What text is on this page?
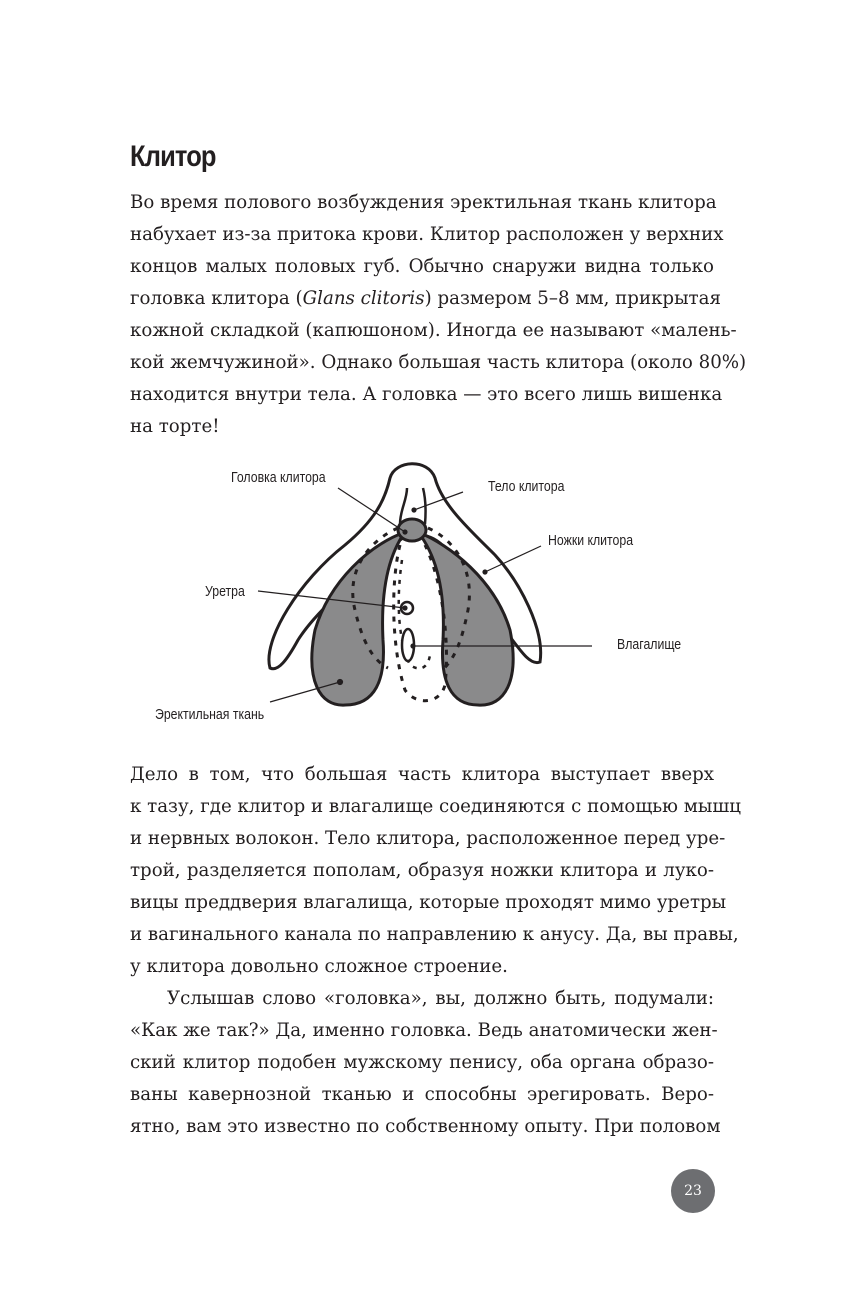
Клитор
Во время полового возбуждения эректильная ткань клитора
набухает из-за притока крови. Клитор расположен у верхних
концов малых половых губ. Обычно снаружи видна только
головка клитора (Glans clitoris) размером 5–8 мм, прикрытая
кожной складкой (капюшоном). Иногда ее называют «малень-
кой жемчужиной». Однако большая часть клитора (около 80%)
находится внутри тела. А головка — это всего лишь вишенка
на торте!
Головка клитора
Тело клитора
Ножки клитора
Уретра
Влагалище
Эректильная ткань
Дело в том, что большая часть клитора выступает вверх
к тазу, где клитор и влагалище соединяются с помощью мышц
и нервных волокон. Тело клитора, расположенное перед уре-
трой, разделяется пополам, образуя ножки клитора и луко-
вицы преддверия влагалища, которые проходят мимо уретры
и вагинального канала по направлению к анусу. Да, вы правы,
у клитора довольно сложное строение.
Услышав слово «головка», вы, должно быть, подумали:
«Как же так?» Да, именно головка. Ведь анатомически жен-
ский клитор подобен мужскому пенису, оба органа образо-
ваны кавернозной тканью и способны эрегировать. Веро-
ятно, вам это известно по собственному опыту. При половом
23
